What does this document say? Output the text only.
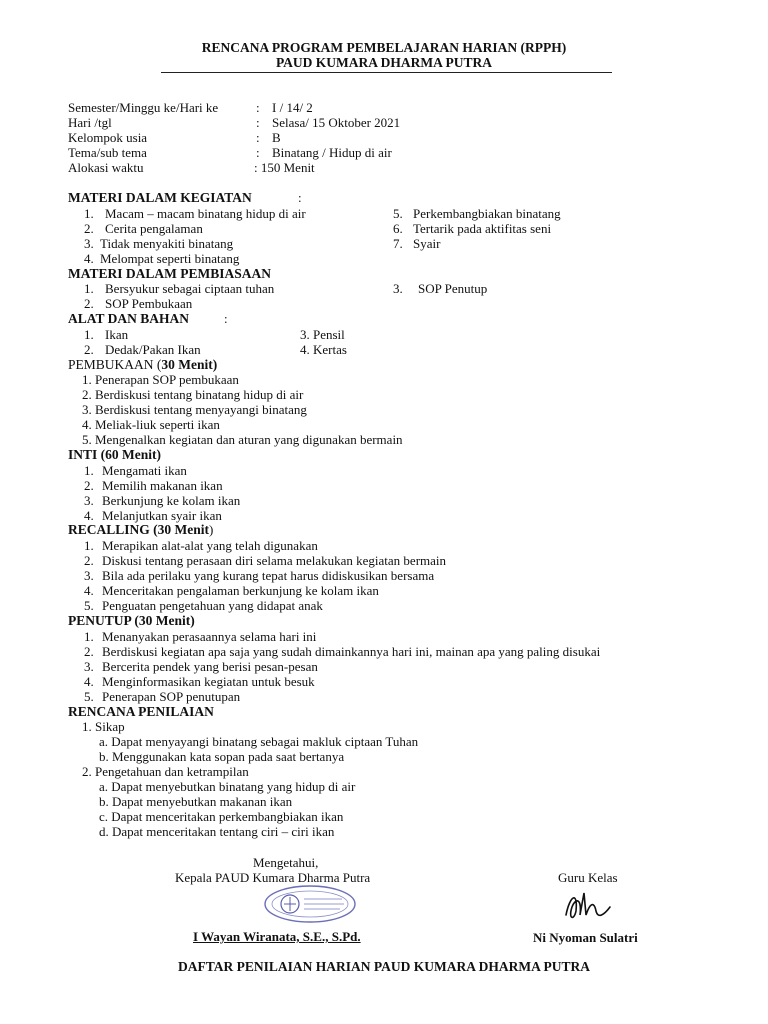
RENCANA PROGRAM PEMBELAJARAN HARIAN (RPPH)
PAUD KUMARA DHARMA PUTRA
Semester/Minggu ke/Hari ke	: I / 14/ 2
Hari /tgl	: Selasa/ 15 Oktober 2021
Kelompok usia	: B
Tema/sub tema	: Binatang / Hidup di air
Alokasi waktu	: 150 Menit
MATERI DALAM KEGIATAN	:
1. Macam – macam binatang hidup di air
2. Cerita pengalaman
3. Tidak menyakiti binatang
4. Melompat seperti binatang
5. Perkembangbiakan binatang
6. Tertarik pada aktifitas seni
7. Syair
MATERI DALAM PEMBIASAAN
1. Bersyukur sebagai ciptaan tuhan
2. SOP Pembukaan
3. SOP Penutup
ALAT DAN BAHAN	:
1. Ikan
2. Dedak/Pakan Ikan
3. Pensil
4. Kertas
PEMBUKAAN (30 Menit)
1. Penerapan SOP pembukaan
2. Berdiskusi tentang binatang hidup di air
3. Berdiskusi tentang menyayangi binatang
4. Meliak-liuk seperti ikan
5. Mengenalkan kegiatan dan aturan yang digunakan bermain
INTI (60 Menit)
1. Mengamati ikan
2. Memilih makanan ikan
3. Berkunjung ke kolam ikan
4. Melanjutkan syair ikan
RECALLING (30 Menit)
1. Merapikan alat-alat yang telah digunakan
2. Diskusi tentang perasaan diri selama melakukan kegiatan bermain
3. Bila ada perilaku yang kurang tepat harus didiskusikan bersama
4. Menceritakan pengalaman berkunjung ke kolam ikan
5. Penguatan pengetahuan yang didapat anak
PENUTUP (30 Menit)
1. Menanyakan perasaannya selama hari ini
2. Berdiskusi kegiatan apa saja yang sudah dimainkannya hari ini, mainan apa yang paling disukai
3. Bercerita pendek yang berisi pesan-pesan
4. Menginformasikan kegiatan untuk besuk
5. Penerapan SOP penutupan
RENCANA PENILAIAN
1. Sikap
a. Dapat menyayangi binatang sebagai makluk ciptaan Tuhan
b. Menggunakan kata sopan pada saat bertanya
2. Pengetahuan dan ketrampilan
a. Dapat menyebutkan binatang yang hidup di air
b. Dapat menyebutkan makanan ikan
c. Dapat menceritakan perkembangbiakan ikan
d. Dapat menceritakan tentang ciri – ciri ikan
Mengetahui,
Kepala PAUD Kumara Dharma Putra	Guru Kelas
I Wayan Wiranata, S.E., S.Pd.	Ni Nyoman Sulatri
DAFTAR PENILAIAN HARIAN PAUD KUMARA DHARMA PUTRA
